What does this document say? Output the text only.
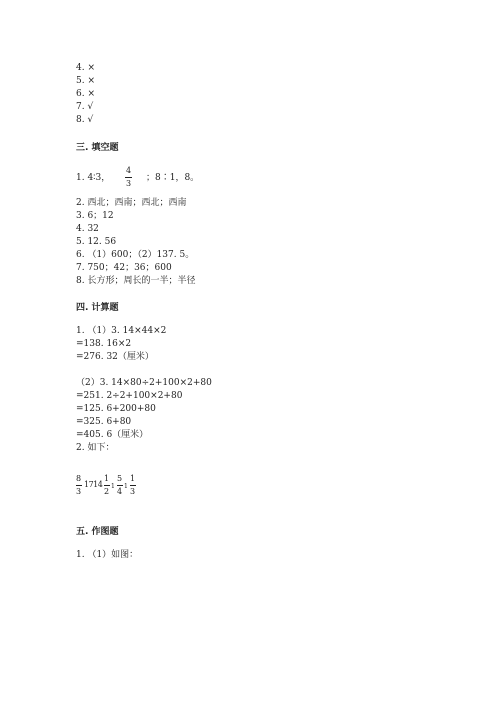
4. ×
5. ×
6. ×
7. √
8. √
三. 填空题
1. 4∶3，
4
3
；8∶1，8。
2. 西北；西南；西北；西南
3. 6；12
4. 32
5. 12. 56
6. （1）600；（2）137. 5。
7. 750；42；36；600
8. 长方形；周长的一半；半径
四. 计算题
1. （1）3. 14×44×2
=138. 16×2
=276. 32（厘米）
（2）3. 14×80÷2+100×2+80
=251. 2÷2+100×2+80
=125. 6+200+80
=325. 6+80
=405. 6（厘米）
2. 如下：
8
3
1714
1
2
1
5
4
1
1
3
五. 作图题
1. （1）如图：
